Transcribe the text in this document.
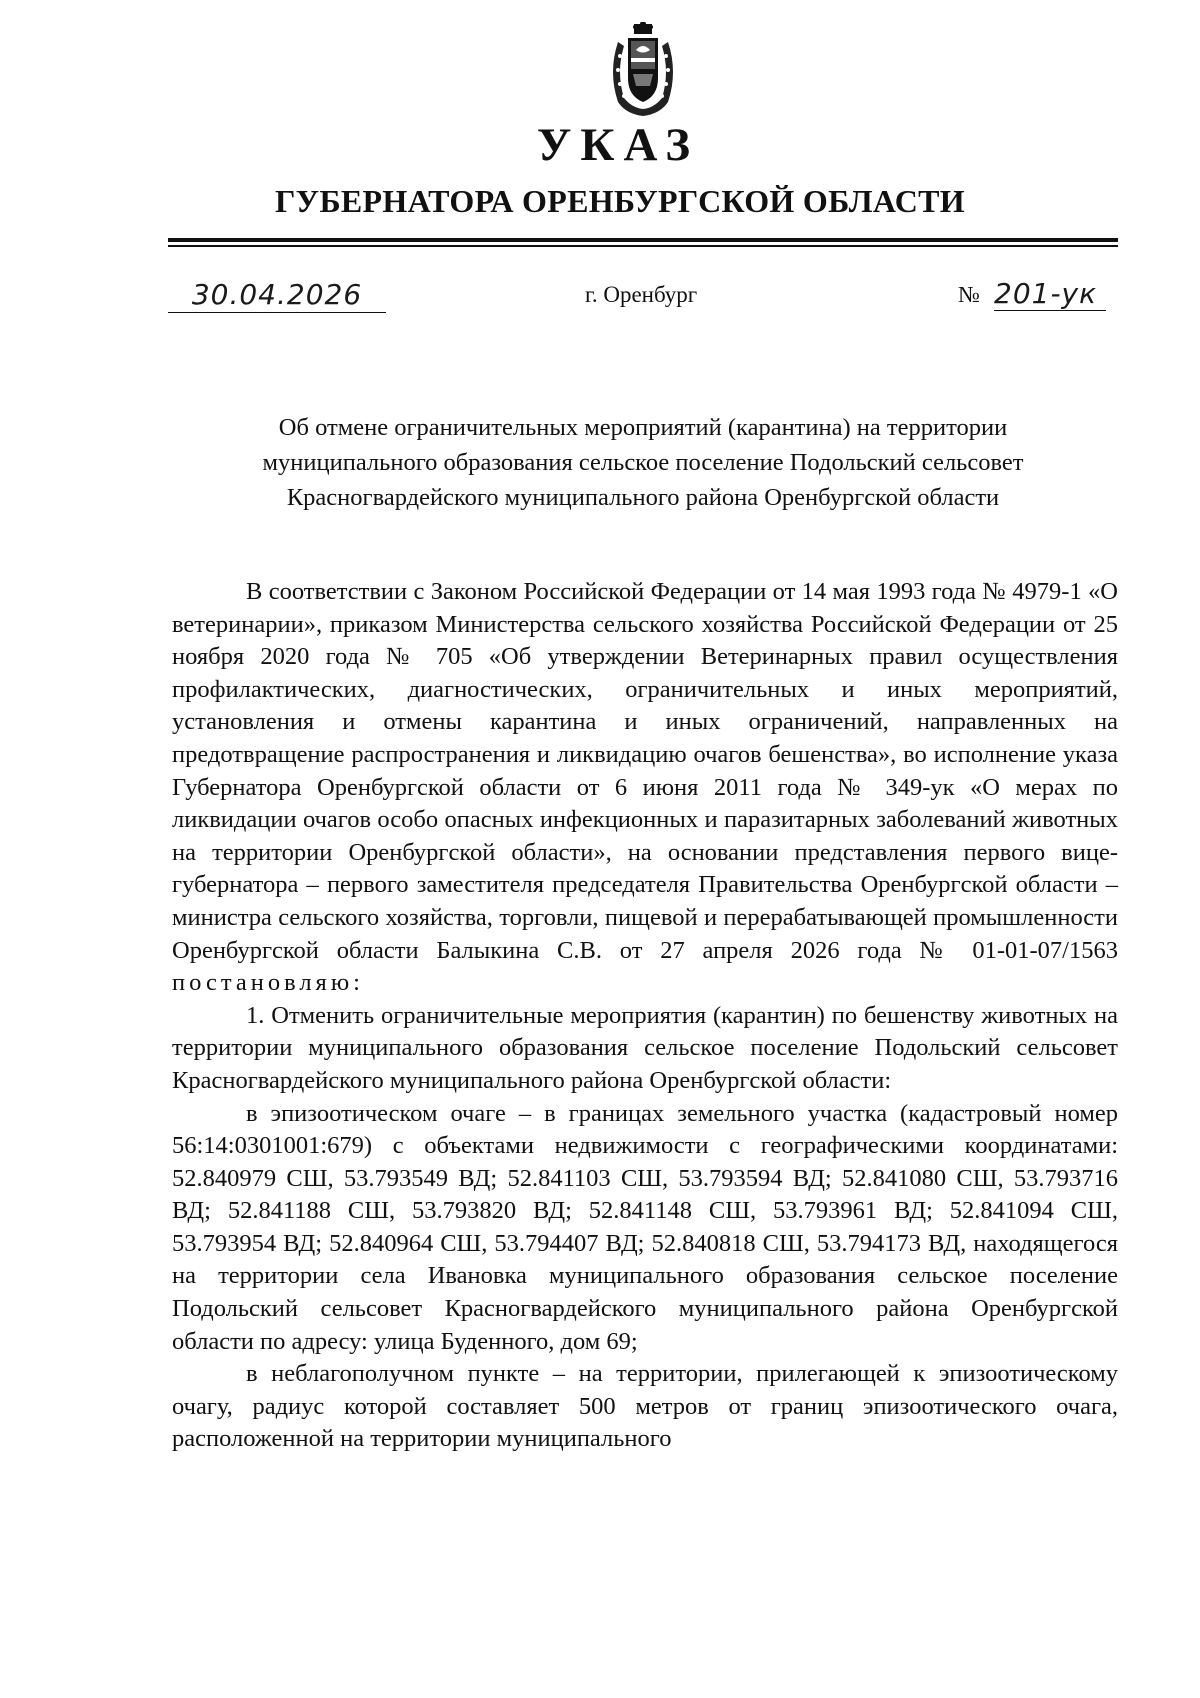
УКАЗ
ГУБЕРНАТОРА ОРЕНБУРГСКОЙ ОБЛАСТИ
30.04.2026	г. Оренбург	№ 201-ук
Об отмене ограничительных мероприятий (карантина) на территории
муниципального образования сельское поселение Подольский сельсовет
Красногвардейского муниципального района Оренбургской области

В соответствии с Законом Российской Федерации от 14 мая 1993 года № 4979-1 «О ветеринарии», приказом Министерства сельского хозяйства Российской Федерации от 25 ноября 2020 года № 705 «Об утверждении Ветеринарных правил осуществления профилактических, диагностических, ограничительных и иных мероприятий, установления и отмены карантина и иных ограничений, направленных на предотвращение распространения и ликвидацию очагов бешенства», во исполнение указа Губернатора Оренбургской области от 6 июня 2011 года № 349-ук «О мерах по ликвидации очагов особо опасных инфекционных и паразитарных заболеваний животных на территории Оренбургской области», на основании представления первого вице-губернатора – первого заместителя председателя Правительства Оренбургской области – министра сельского хозяйства, торговли, пищевой и перерабатывающей промышленности Оренбургской области Балыкина С.В. от 27 апреля 2026 года № 01-01-07/1563 постановляю:

1. Отменить ограничительные мероприятия (карантин) по бешенству животных на территории муниципального образования сельское поселение Подольский сельсовет Красногвардейского муниципального района Оренбургской области:

в эпизоотическом очаге – в границах земельного участка (кадастровый номер 56:14:0301001:679) с объектами недвижимости с географическими координатами: 52.840979 СШ, 53.793549 ВД; 52.841103 СШ, 53.793594 ВД; 52.841080 СШ, 53.793716 ВД; 52.841188 СШ, 53.793820 ВД; 52.841148 СШ, 53.793961 ВД; 52.841094 СШ, 53.793954 ВД; 52.840964 СШ, 53.794407 ВД; 52.840818 СШ, 53.794173 ВД, находящегося на территории села Ивановка муниципального образования сельское поселение Подольский сельсовет Красногвардейского муниципального района Оренбургской области по адресу: улица Буденного, дом 69;

в неблагополучном пункте – на территории, прилегающей к эпизоотическому очагу, радиус которой составляет 500 метров от границ эпизоотического очага, расположенной на территории муниципального
